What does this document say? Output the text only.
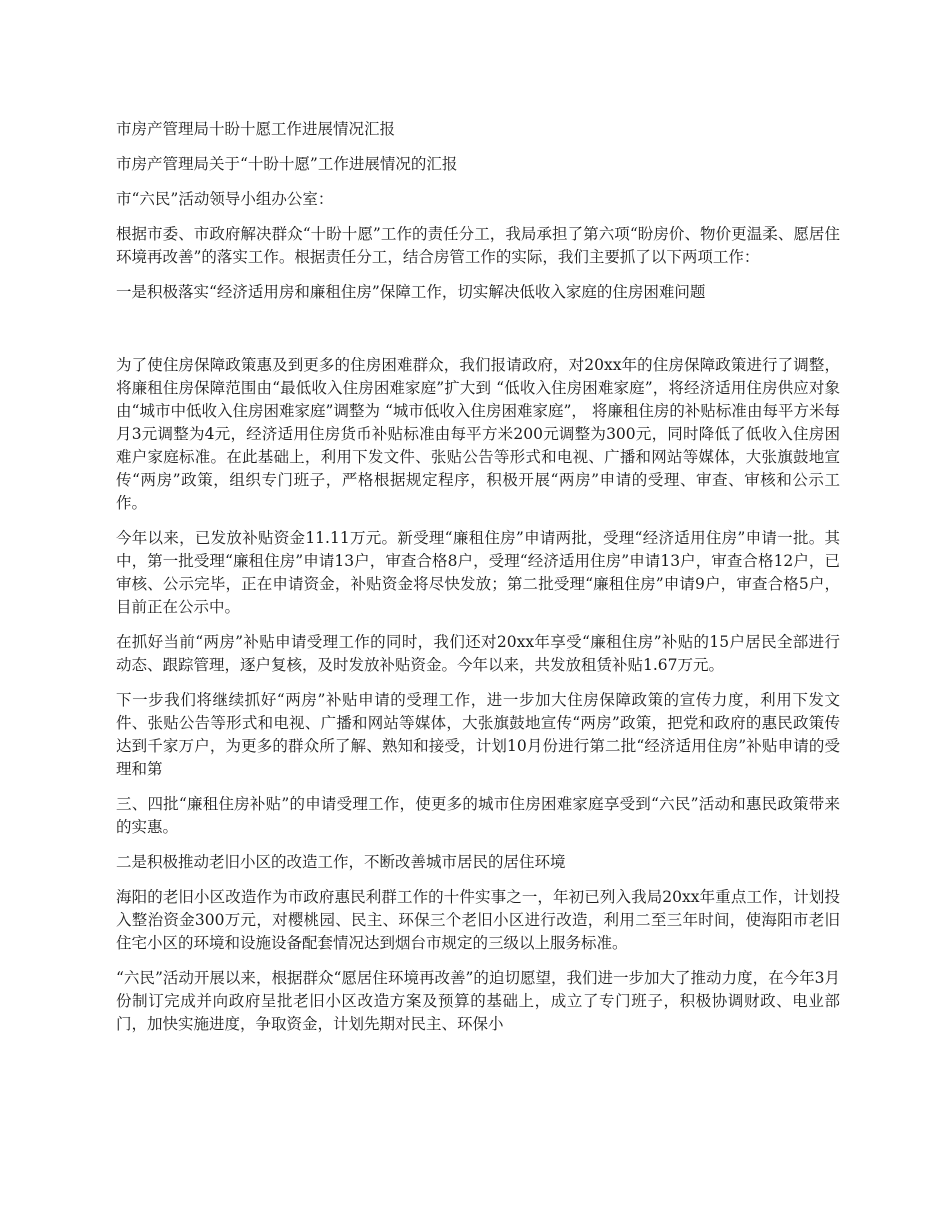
市房产管理局十盼十愿工作进展情况汇报

市房产管理局关于“十盼十愿”工作进展情况的汇报

市“六民”活动领导小组办公室：

根据市委、市政府解决群众“十盼十愿”工作的责任分工，我局承担了第六项“盼房价、物价更温柔、愿居住环境再改善”的落实工作。根据责任分工，结合房管工作的实际，我们主要抓了以下两项工作：

一是积极落实“经济适用房和廉租住房”保障工作，切实解决低收入家庭的住房困难问题

为了使住房保障政策惠及到更多的住房困难群众，我们报请政府，对20xx年的住房保障政策进行了调整，将廉租住房保障范围由“最低收入住房困难家庭”扩大到 “低收入住房困难家庭”，将经济适用住房供应对象由“城市中低收入住房困难家庭”调整为 “城市低收入住房困难家庭”， 将廉租住房的补贴标准由每平方米每月3元调整为4元，经济适用住房货币补贴标准由每平方米200元调整为300元，同时降低了低收入住房困难户家庭标准。在此基础上，利用下发文件、张贴公告等形式和电视、广播和网站等媒体，大张旗鼓地宣传“两房”政策，组织专门班子，严格根据规定程序，积极开展“两房”申请的受理、审查、审核和公示工作。

今年以来，已发放补贴资金11.11万元。新受理“廉租住房”申请两批，受理“经济适用住房”申请一批。其中，第一批受理“廉租住房”申请13户，审查合格8户，受理“经济适用住房”申请13户，审查合格12户，已审核、公示完毕，正在申请资金，补贴资金将尽快发放；第二批受理“廉租住房”申请9户，审查合格5户，目前正在公示中。

在抓好当前“两房”补贴申请受理工作的同时，我们还对20xx年享受“廉租住房”补贴的15户居民全部进行动态、跟踪管理，逐户复核，及时发放补贴资金。今年以来，共发放租赁补贴1.67万元。

下一步我们将继续抓好“两房”补贴申请的受理工作，进一步加大住房保障政策的宣传力度，利用下发文件、张贴公告等形式和电视、广播和网站等媒体，大张旗鼓地宣传“两房”政策，把党和政府的惠民政策传达到千家万户，为更多的群众所了解、熟知和接受，计划10月份进行第二批“经济适用住房”补贴申请的受理和第

三、四批“廉租住房补贴”的申请受理工作，使更多的城市住房困难家庭享受到“六民”活动和惠民政策带来的实惠。

二是积极推动老旧小区的改造工作，不断改善城市居民的居住环境

海阳的老旧小区改造作为市政府惠民利群工作的十件实事之一，年初已列入我局20xx年重点工作，计划投入整治资金300万元，对樱桃园、民主、环保三个老旧小区进行改造，利用二至三年时间，使海阳市老旧住宅小区的环境和设施设备配套情况达到烟台市规定的三级以上服务标准。

“六民”活动开展以来，根据群众“愿居住环境再改善”的迫切愿望，我们进一步加大了推动力度，在今年3月份制订完成并向政府呈批老旧小区改造方案及预算的基础上，成立了专门班子，积极协调财政、电业部门，加快实施进度，争取资金，计划先期对民主、环保小
